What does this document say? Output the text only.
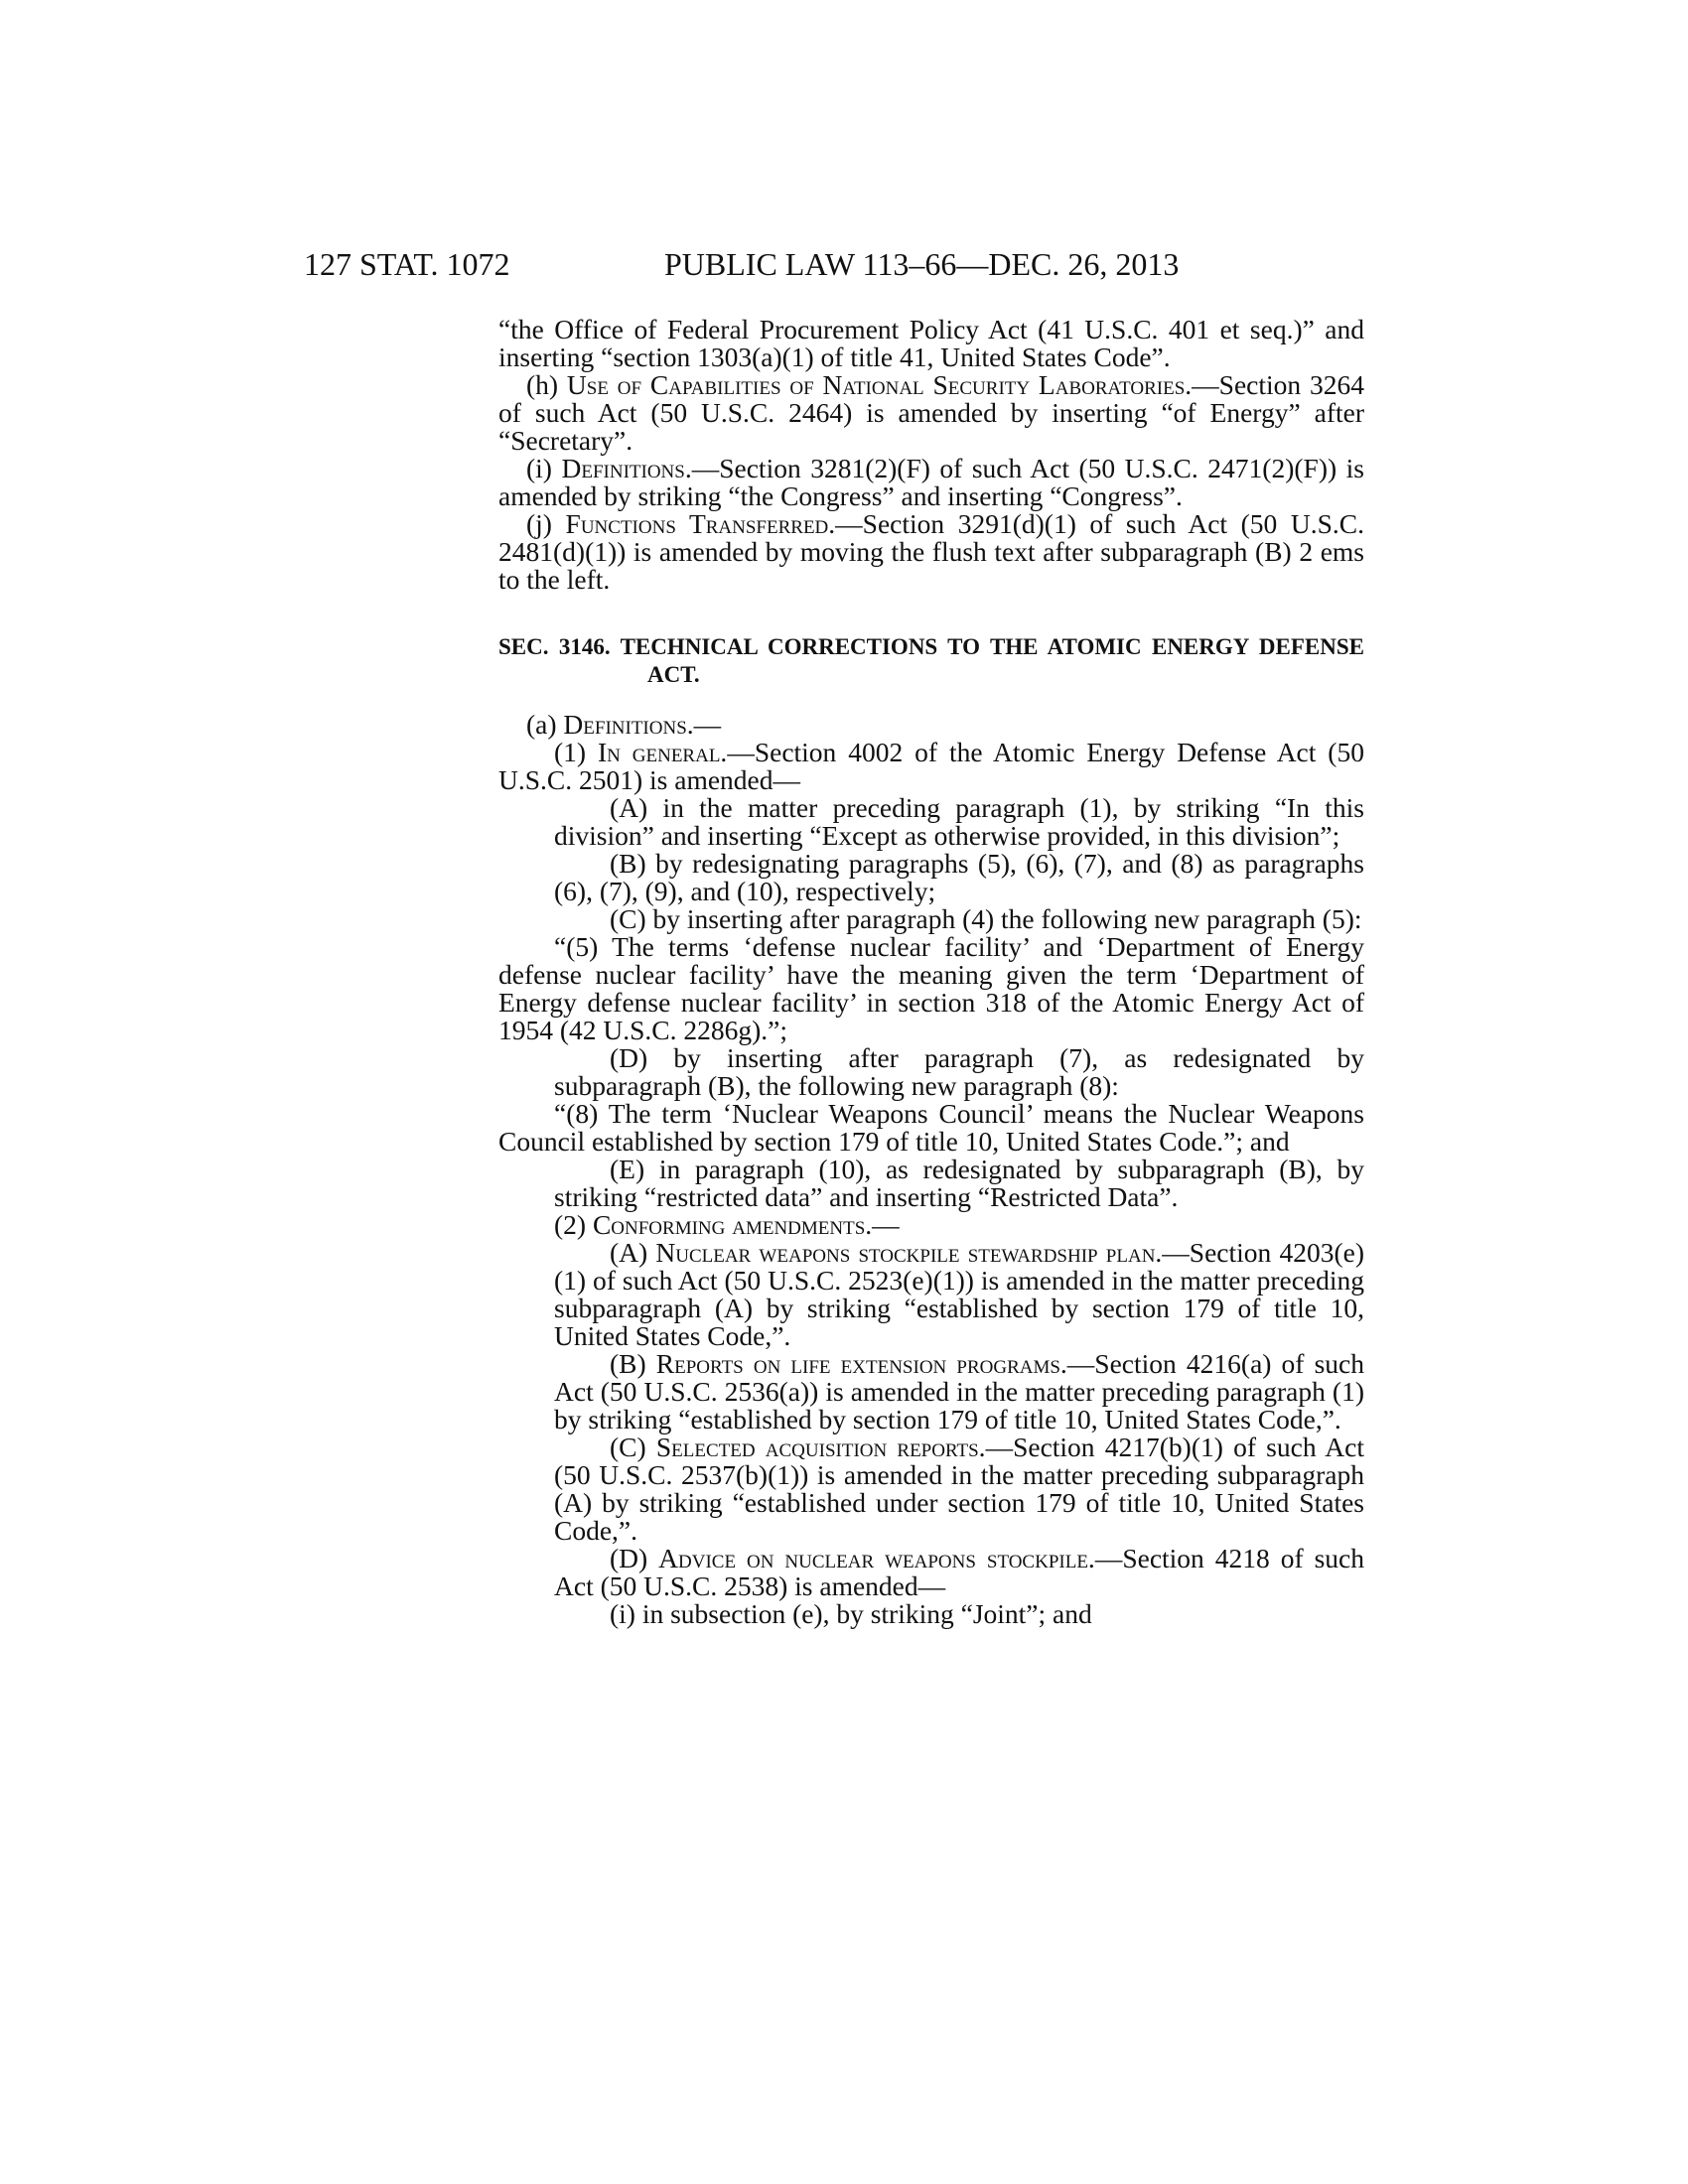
127 STAT. 1072	PUBLIC LAW 113–66—DEC. 26, 2013

“the Office of Federal Procurement Policy Act (41 U.S.C. 401 et seq.)” and inserting “section 1303(a)(1) of title 41, United States Code”.

(h) Use of Capabilities of National Security Laboratories.—Section 3264 of such Act (50 U.S.C. 2464) is amended by inserting “of Energy” after “Secretary”.

(i) Definitions.—Section 3281(2)(F) of such Act (50 U.S.C. 2471(2)(F)) is amended by striking “the Congress” and inserting “Congress”.

(j) Functions Transferred.—Section 3291(d)(1) of such Act (50 U.S.C. 2481(d)(1)) is amended by moving the flush text after subparagraph (B) 2 ems to the left.

SEC. 3146. TECHNICAL CORRECTIONS TO THE ATOMIC ENERGY DEFENSE ACT.

(a) Definitions.—

(1) In general.—Section 4002 of the Atomic Energy Defense Act (50 U.S.C. 2501) is amended—

(A) in the matter preceding paragraph (1), by striking “In this division” and inserting “Except as otherwise provided, in this division”;

(B) by redesignating paragraphs (5), (6), (7), and (8) as paragraphs (6), (7), (9), and (10), respectively;

(C) by inserting after paragraph (4) the following new paragraph (5):

“(5) The terms ‘defense nuclear facility’ and ‘Department of Energy defense nuclear facility’ have the meaning given the term ‘Department of Energy defense nuclear facility’ in section 318 of the Atomic Energy Act of 1954 (42 U.S.C. 2286g).”;

(D) by inserting after paragraph (7), as redesignated by subparagraph (B), the following new paragraph (8):

“(8) The term ‘Nuclear Weapons Council’ means the Nuclear Weapons Council established by section 179 of title 10, United States Code.”; and

(E) in paragraph (10), as redesignated by subparagraph (B), by striking “restricted data” and inserting “Restricted Data”.

(2) Conforming amendments.—

(A) Nuclear weapons stockpile stewardship plan.—Section 4203(e)(1) of such Act (50 U.S.C. 2523(e)(1)) is amended in the matter preceding subparagraph (A) by striking “established by section 179 of title 10, United States Code,”.

(B) Reports on life extension programs.—Section 4216(a) of such Act (50 U.S.C. 2536(a)) is amended in the matter preceding paragraph (1) by striking “established by section 179 of title 10, United States Code,”.

(C) Selected acquisition reports.—Section 4217(b)(1) of such Act (50 U.S.C. 2537(b)(1)) is amended in the matter preceding subparagraph (A) by striking “established under section 179 of title 10, United States Code,”.

(D) Advice on nuclear weapons stockpile.—Section 4218 of such Act (50 U.S.C. 2538) is amended—

(i) in subsection (e), by striking “Joint”; and
